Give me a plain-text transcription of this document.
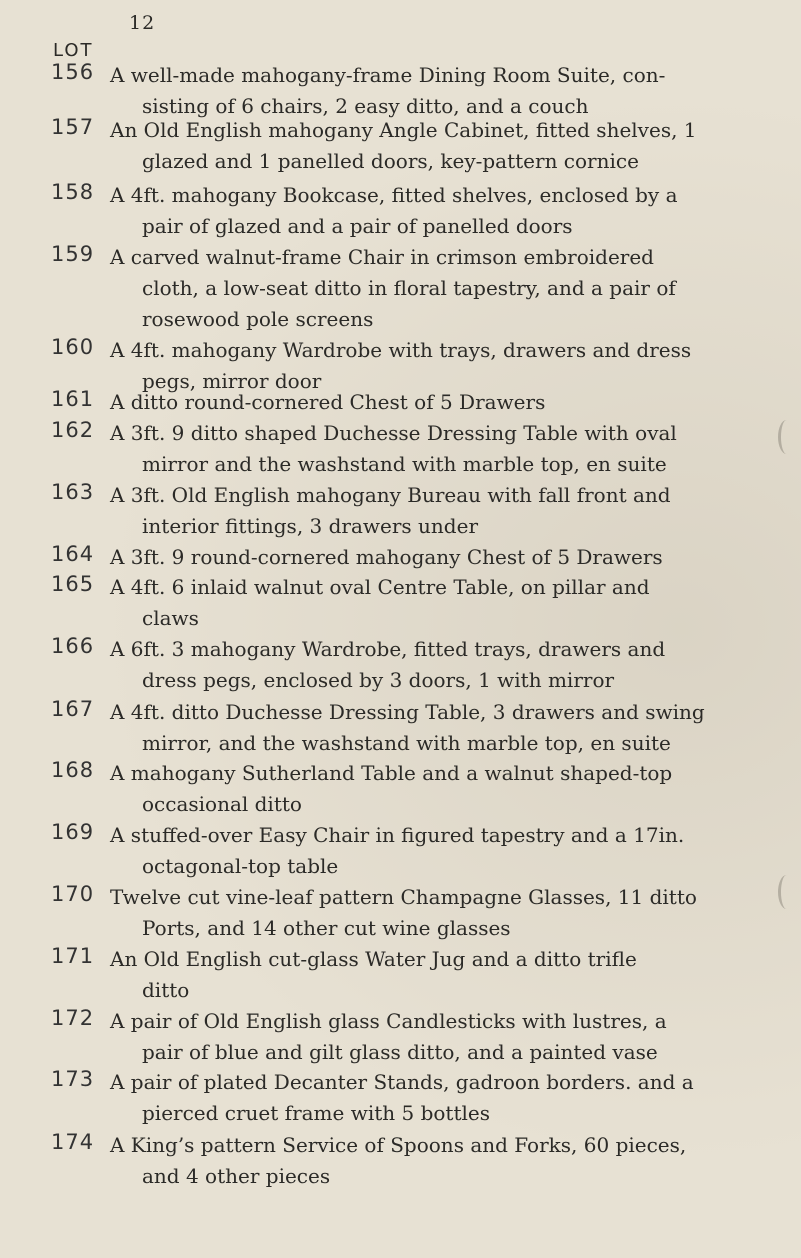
12
LOT
156 A well-made mahogany-frame Dining Room Suite, con-
sisting of 6 chairs, 2 easy ditto, and a couch
157 An Old English mahogany Angle Cabinet, fitted shelves, 1
glazed and 1 panelled doors, key-pattern cornice
158 A 4ft. mahogany Bookcase, fitted shelves, enclosed by a
pair of glazed and a pair of panelled doors
159 A carved walnut-frame Chair in crimson embroidered
cloth, a low-seat ditto in floral tapestry, and a pair of
rosewood pole screens
160 A 4ft. mahogany Wardrobe with trays, drawers and dress
pegs, mirror door
161 A ditto round-cornered Chest of 5 Drawers
162 A 3ft. 9 ditto shaped Duchesse Dressing Table with oval
mirror and the washstand with marble top, en suite
163 A 3ft. Old English mahogany Bureau with fall front and
interior fittings, 3 drawers under
164 A 3ft. 9 round-cornered mahogany Chest of 5 Drawers
165 A 4ft. 6 inlaid walnut oval Centre Table, on pillar and
claws
166 A 6ft. 3 mahogany Wardrobe, fitted trays, drawers and
dress pegs, enclosed by 3 doors, 1 with mirror
167 A 4ft. ditto Duchesse Dressing Table, 3 drawers and swing
mirror, and the washstand with marble top, en suite
168 A mahogany Sutherland Table and a walnut shaped-top
occasional ditto
169 A stuffed-over Easy Chair in figured tapestry and a 17in.
octagonal-top table
170 Twelve cut vine-leaf pattern Champagne Glasses, 11 ditto
Ports, and 14 other cut wine glasses
171 An Old English cut-glass Water Jug and a ditto trifle
ditto
172 A pair of Old English glass Candlesticks with lustres, a
pair of blue and gilt glass ditto, and a painted vase
173 A pair of plated Decanter Stands, gadroon borders. and a
pierced cruet frame with 5 bottles
174 A King’s pattern Service of Spoons and Forks, 60 pieces,
and 4 other pieces
